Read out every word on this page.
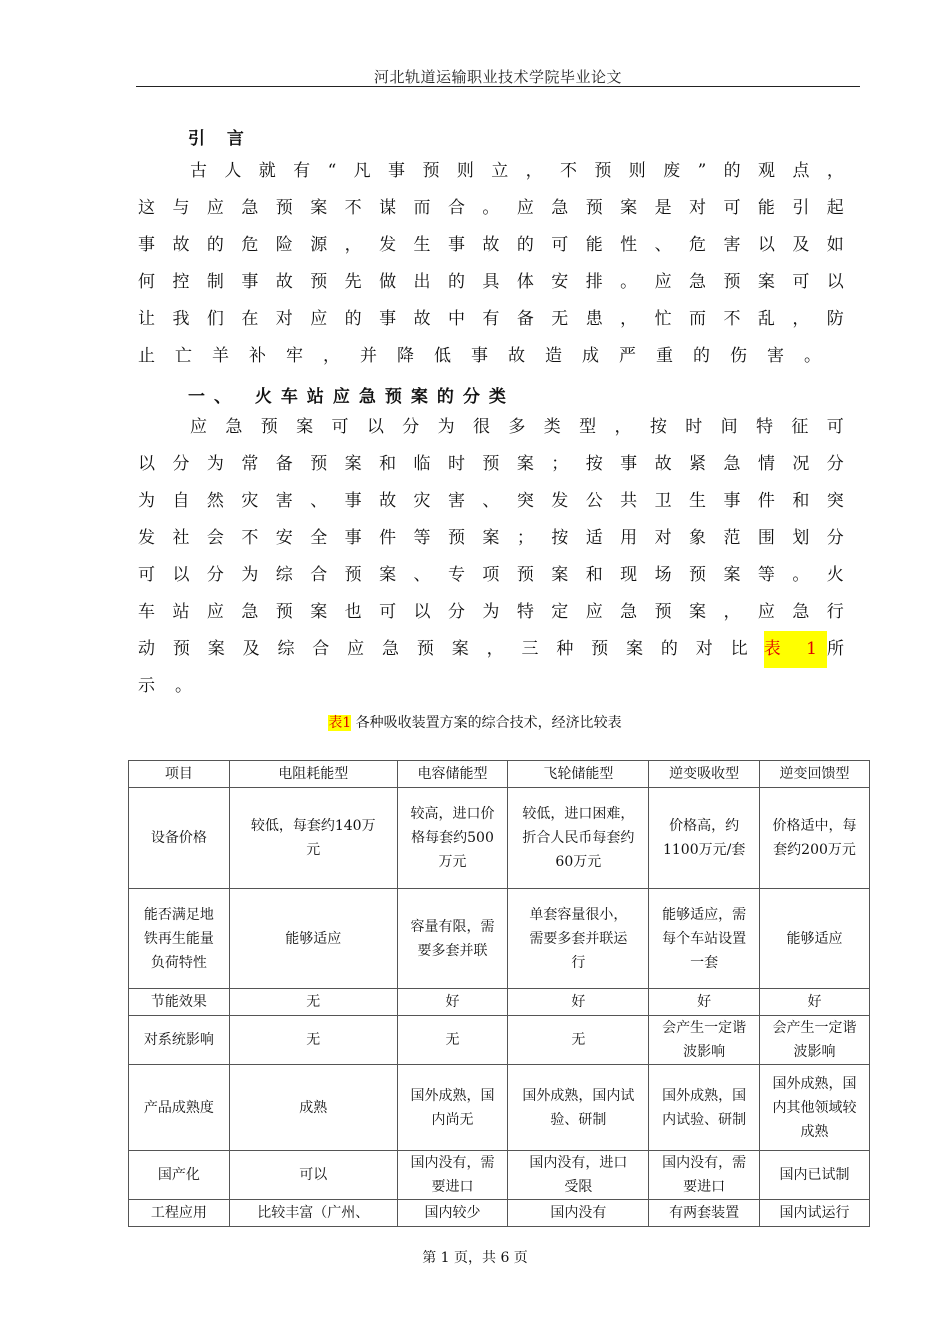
河北轨道运输职业技术学院毕业论文
引 言
古 人 就 有 “ 凡 事 预 则 立 ， 不 预 则 废 ” 的 观 点 ，
这 与 应 急 预 案 不 谋 而 合 。 应 急 预 案 是 对 可 能 引 起
事 故 的 危 险 源 ， 发 生 事 故 的 可 能 性 、 危 害 以 及 如
何 控 制 事 故 预 先 做 出 的 具 体 安 排 。 应 急 预 案 可 以
让 我 们 在 对 应 的 事 故 中 有 备 无 患 ， 忙 而 不 乱 ， 防
止 亡 羊 补 牢 ， 并 降 低 事 故 造 成 严 重 的 伤 害 。
一、 火车站应急预案的分类
应 急 预 案 可 以 分 为 很 多 类 型 ， 按 时 间 特 征 可
以 分 为 常 备 预 案 和 临 时 预 案 ； 按 事 故 紧 急 情 况 分
为 自 然 灾 害 、 事 故 灾 害 、 突 发 公 共 卫 生 事 件 和 突
发 社 会 不 安 全 事 件 等 预 案 ； 按 适 用 对 象 范 围 划 分
可 以 分 为 综 合 预 案 、 专 项 预 案 和 现 场 预 案 等 。 火
车 站 应 急 预 案 也 可 以 分 为 特 定 应 急 预 案 ， 应 急 行
动 预 案 及 综 合 应 急 预 案 ， 三 种 预 案 的 对 比 表 1 所
示 。
表1 各种吸收装置方案的综合技术，经济比较表
项目	电阻耗能型	电容储能型	飞轮储能型	逆变吸收型	逆变回馈型
设备价格	较低，每套约140万元	较高，进口价格每套约500 万元	较低，进口困难，折合人民币每套约60万元	价格高，约1100万元/套	价格适中，每套约200万元
能否满足地铁再生能量负荷特性	能够适应	容量有限，需要多套并联	单套容量很小，需要多套并联运行	能够适应，需每个车站设置一套	能够适应
节能效果	无	好	好	好	好
对系统影响	无	无	无	会产生一定谐波影响	会产生一定谐波影响
产品成熟度	成熟	国外成熟，国内尚无	国外成熟，国内试验、研制	国外成熟，国内试验、研制	国外成熟，国内其他领域较成熟
国产化	可以	国内没有，需要进口	国内没有，进口受限	国内没有，需要进口	国内已试制
工程应用	比较丰富（广州、	国内较少	国内没有	有两套装置	国内试运行
第 1 页，共 6 页
